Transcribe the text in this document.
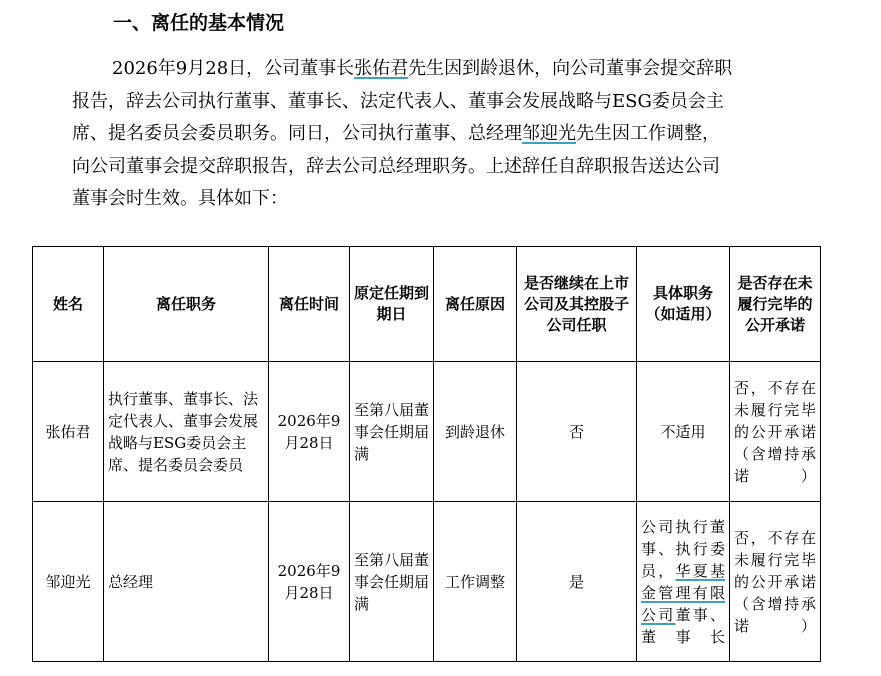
一、离任的基本情况
2026年9月28日，公司董事长张佑君先生因到龄退休，向公司董事会提交辞职
报告，辞去公司执行董事、董事长、法定代表人、董事会发展战略与ESG委员会主
席、提名委员会委员职务。同日，公司执行董事、总经理邹迎光先生因工作调整，
向公司董事会提交辞职报告，辞去公司总经理职务。上述辞任自辞职报告送达公司
董事会时生效。具体如下：
姓名	离任职务	离任时间	原定任期到期日	离任原因	是否继续在上市公司及其控股子公司任职	具体职务（如适用）	是否存在未履行完毕的公开承诺
张佑君	执行董事、董事长、法定代表人、董事会发展战略与ESG委员会主席、提名委员会委员	2026年9月28日	至第八届董事会任期届满	到龄退休	否	不适用	否，不存在未履行完毕的公开承诺（含增持承诺）
邹迎光	总经理	2026年9月28日	至第八届董事会任期届满	工作调整	是	公司执行董事、执行委员，华夏基金管理有限公司董事、董事长	否，不存在未履行完毕的公开承诺（含增持承诺）
